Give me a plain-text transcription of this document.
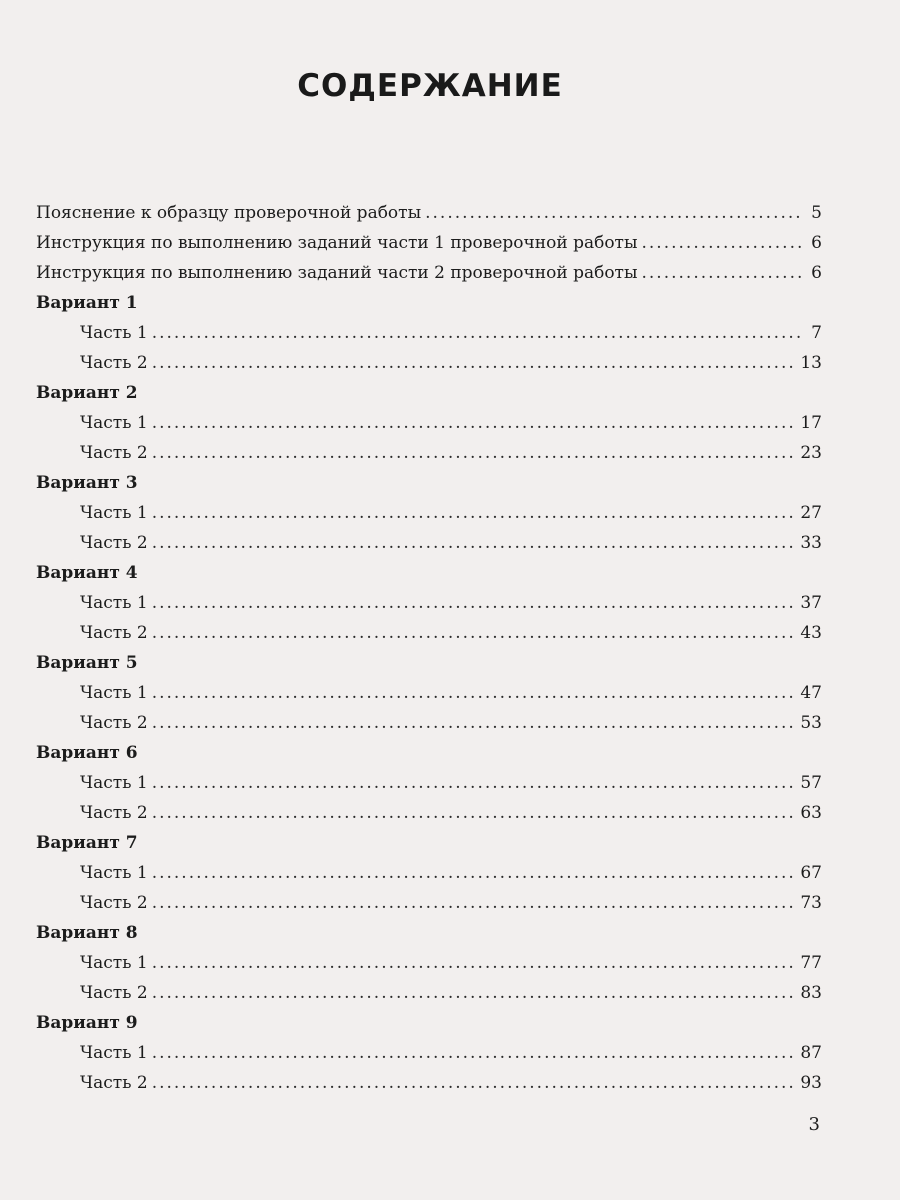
СОДЕРЖАНИЕ
Пояснение к образцу проверочной работы .....	5
Инструкция по выполнению заданий части 1 проверочной работы .....	6
Инструкция по выполнению заданий части 2 проверочной работы .....	6
Вариант 1
Часть 1 .....	7
Часть 2 .....	13
Вариант 2
Часть 1 .....	17
Часть 2 .....	23
Вариант 3
Часть 1 .....	27
Часть 2 .....	33
Вариант 4
Часть 1 .....	37
Часть 2 .....	43
Вариант 5
Часть 1 .....	47
Часть 2 .....	53
Вариант 6
Часть 1 .....	57
Часть 2 .....	63
Вариант 7
Часть 1 .....	67
Часть 2 .....	73
Вариант 8
Часть 1 .....	77
Часть 2 .....	83
Вариант 9
Часть 1 .....	87
Часть 2 .....	93
3
